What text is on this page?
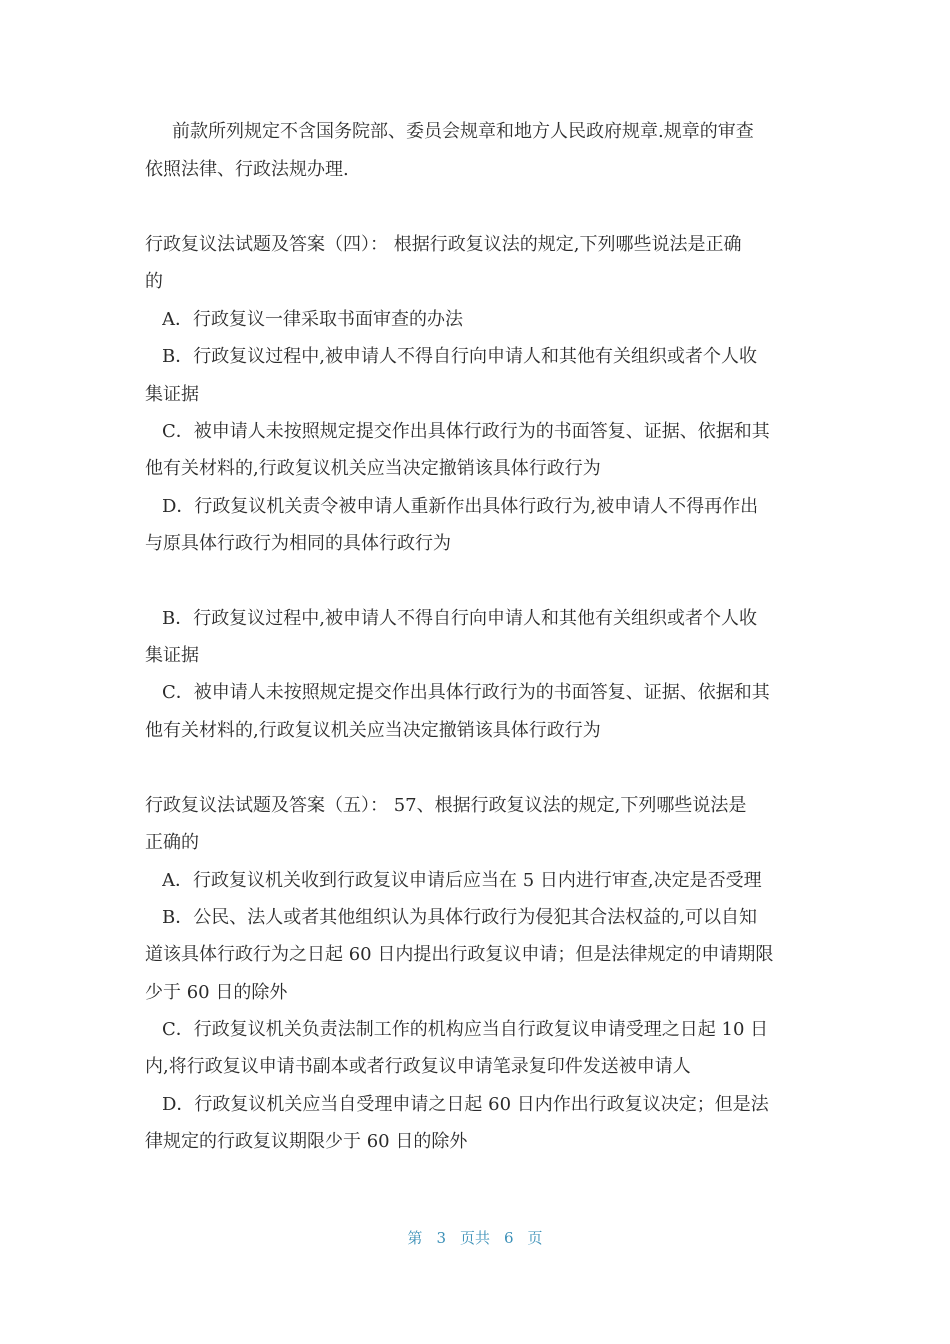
前款所列规定不含国务院部、委员会规章和地方人民政府规章.规章的审查
依照法律、行政法规办理.
行政复议法试题及答案（四）： 根据行政复议法的规定,下列哪些说法是正确
的
A．行政复议一律采取书面审查的办法
B．行政复议过程中,被申请人不得自行向申请人和其他有关组织或者个人收
集证据
C．被申请人未按照规定提交作出具体行政行为的书面答复、证据、依据和其
他有关材料的,行政复议机关应当决定撤销该具体行政行为
D．行政复议机关责令被申请人重新作出具体行政行为,被申请人不得再作出
与原具体行政行为相同的具体行政行为
B．行政复议过程中,被申请人不得自行向申请人和其他有关组织或者个人收
集证据
C．被申请人未按照规定提交作出具体行政行为的书面答复、证据、依据和其
他有关材料的,行政复议机关应当决定撤销该具体行政行为
行政复议法试题及答案（五）： 57、根据行政复议法的规定,下列哪些说法是
正确的
A．行政复议机关收到行政复议申请后应当在 5 日内进行审查,决定是否受理
B．公民、法人或者其他组织认为具体行政行为侵犯其合法权益的,可以自知
道该具体行政行为之日起 60 日内提出行政复议申请；但是法律规定的申请期限
少于 60 日的除外
C．行政复议机关负责法制工作的机构应当自行政复议申请受理之日起 10 日
内,将行政复议申请书副本或者行政复议申请笔录复印件发送被申请人
D．行政复议机关应当自受理申请之日起 60 日内作出行政复议决定；但是法
律规定的行政复议期限少于 60 日的除外
第 3 页共 6 页
